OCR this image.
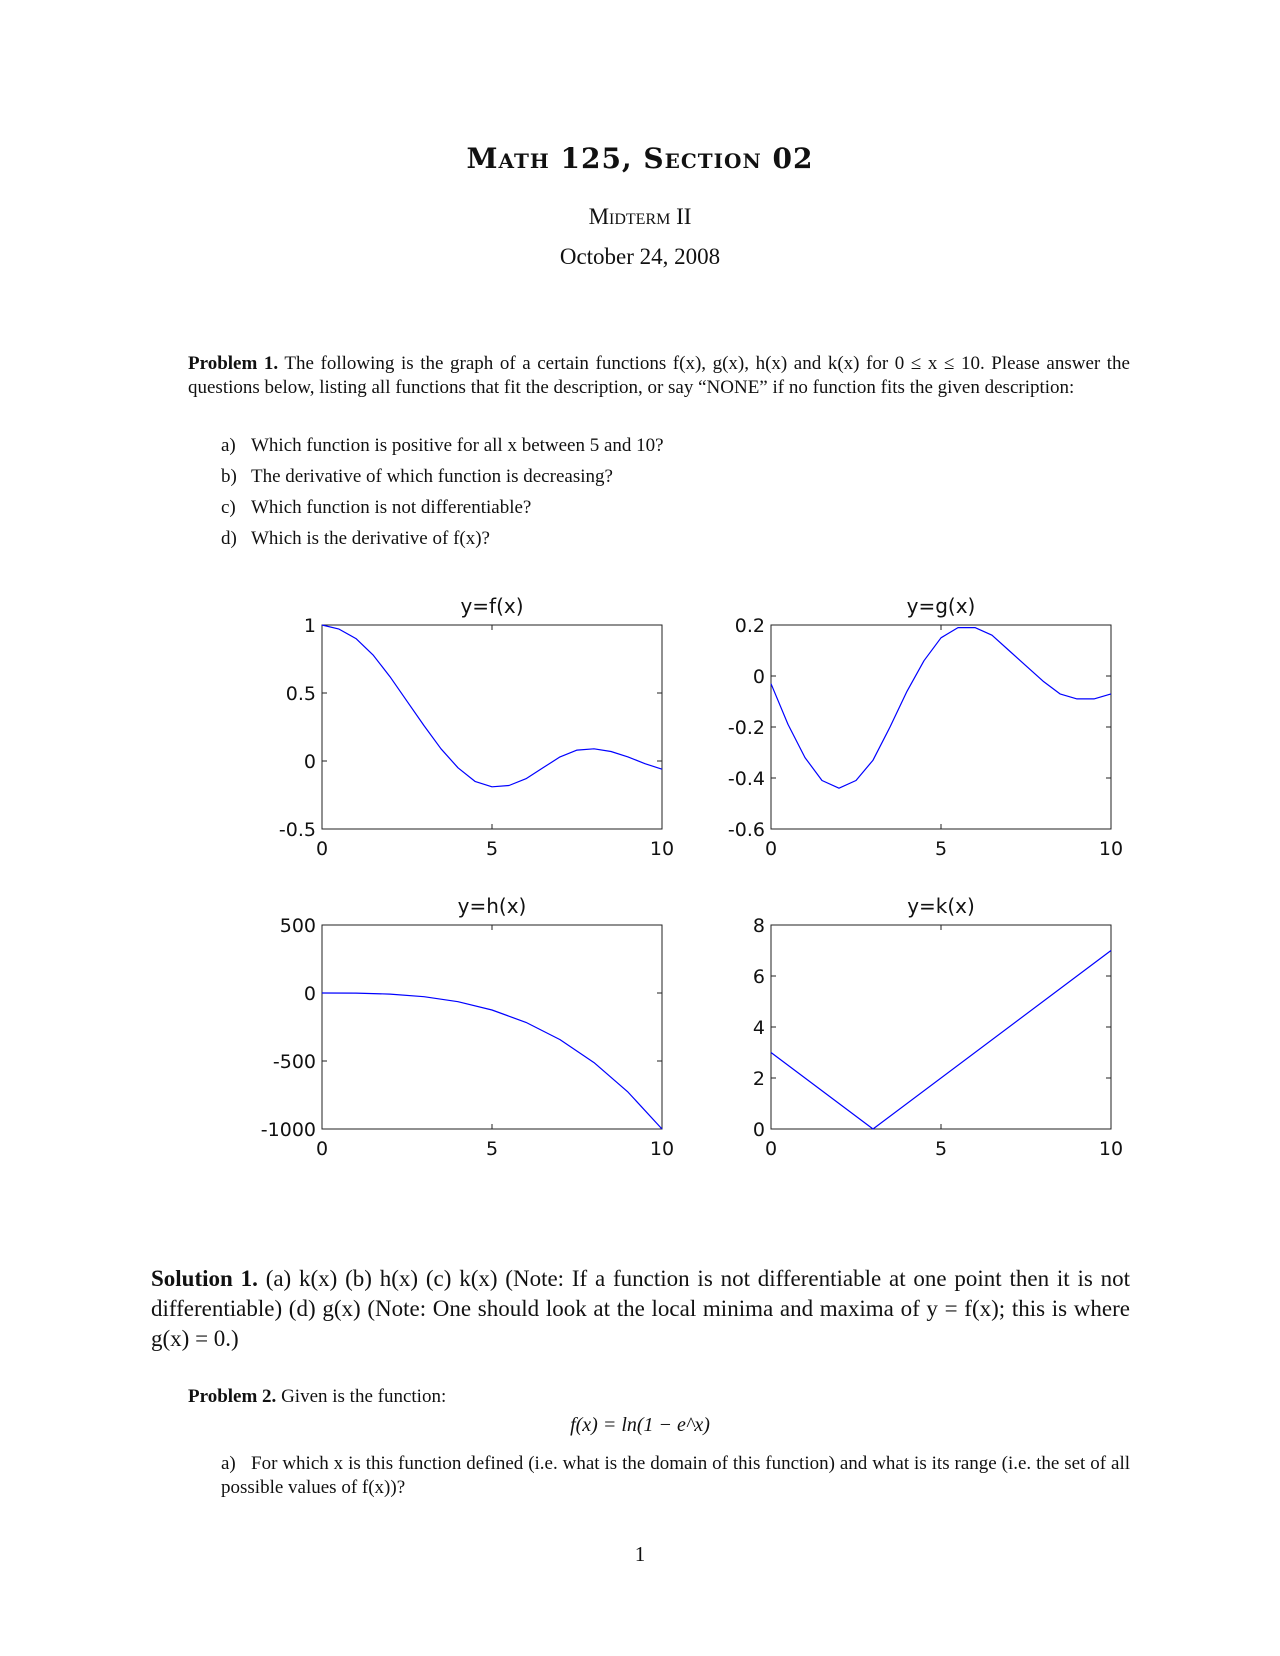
Math 125, Section 02
Midterm II
October 24, 2008
Problem 1. The following is the graph of a certain functions f(x), g(x), h(x) and k(x) for 0 ≤ x ≤ 10. Please answer the questions below, listing all functions that fit the description, or say “NONE” if no function fits the given description:
a) Which function is positive for all x between 5 and 10?
b) The derivative of which function is decreasing?
c) Which function is not differentiable?
d) Which is the derivative of f(x)?
y=f(x)
0	5	10
1
0.5
0
-0.5
y=g(x)
0	5	10
0.2
0
-0.2
-0.4
-0.6
y=h(x)
0	5	10
500
0
-500
-1000
y=k(x)
0	5	10
8
6
4
2
0
Solution 1. (a) k(x) (b) h(x) (c) k(x) (Note: If a function is not differentiable at one point then it is not differentiable) (d) g(x) (Note: One should look at the local minima and maxima of y = f(x); this is where g(x) = 0.)
Problem 2. Given is the function:
f(x) = ln(1 − e^x)
a) For which x is this function defined (i.e. what is the domain of this function) and what is its range (i.e. the set of all possible values of f(x))?
1
